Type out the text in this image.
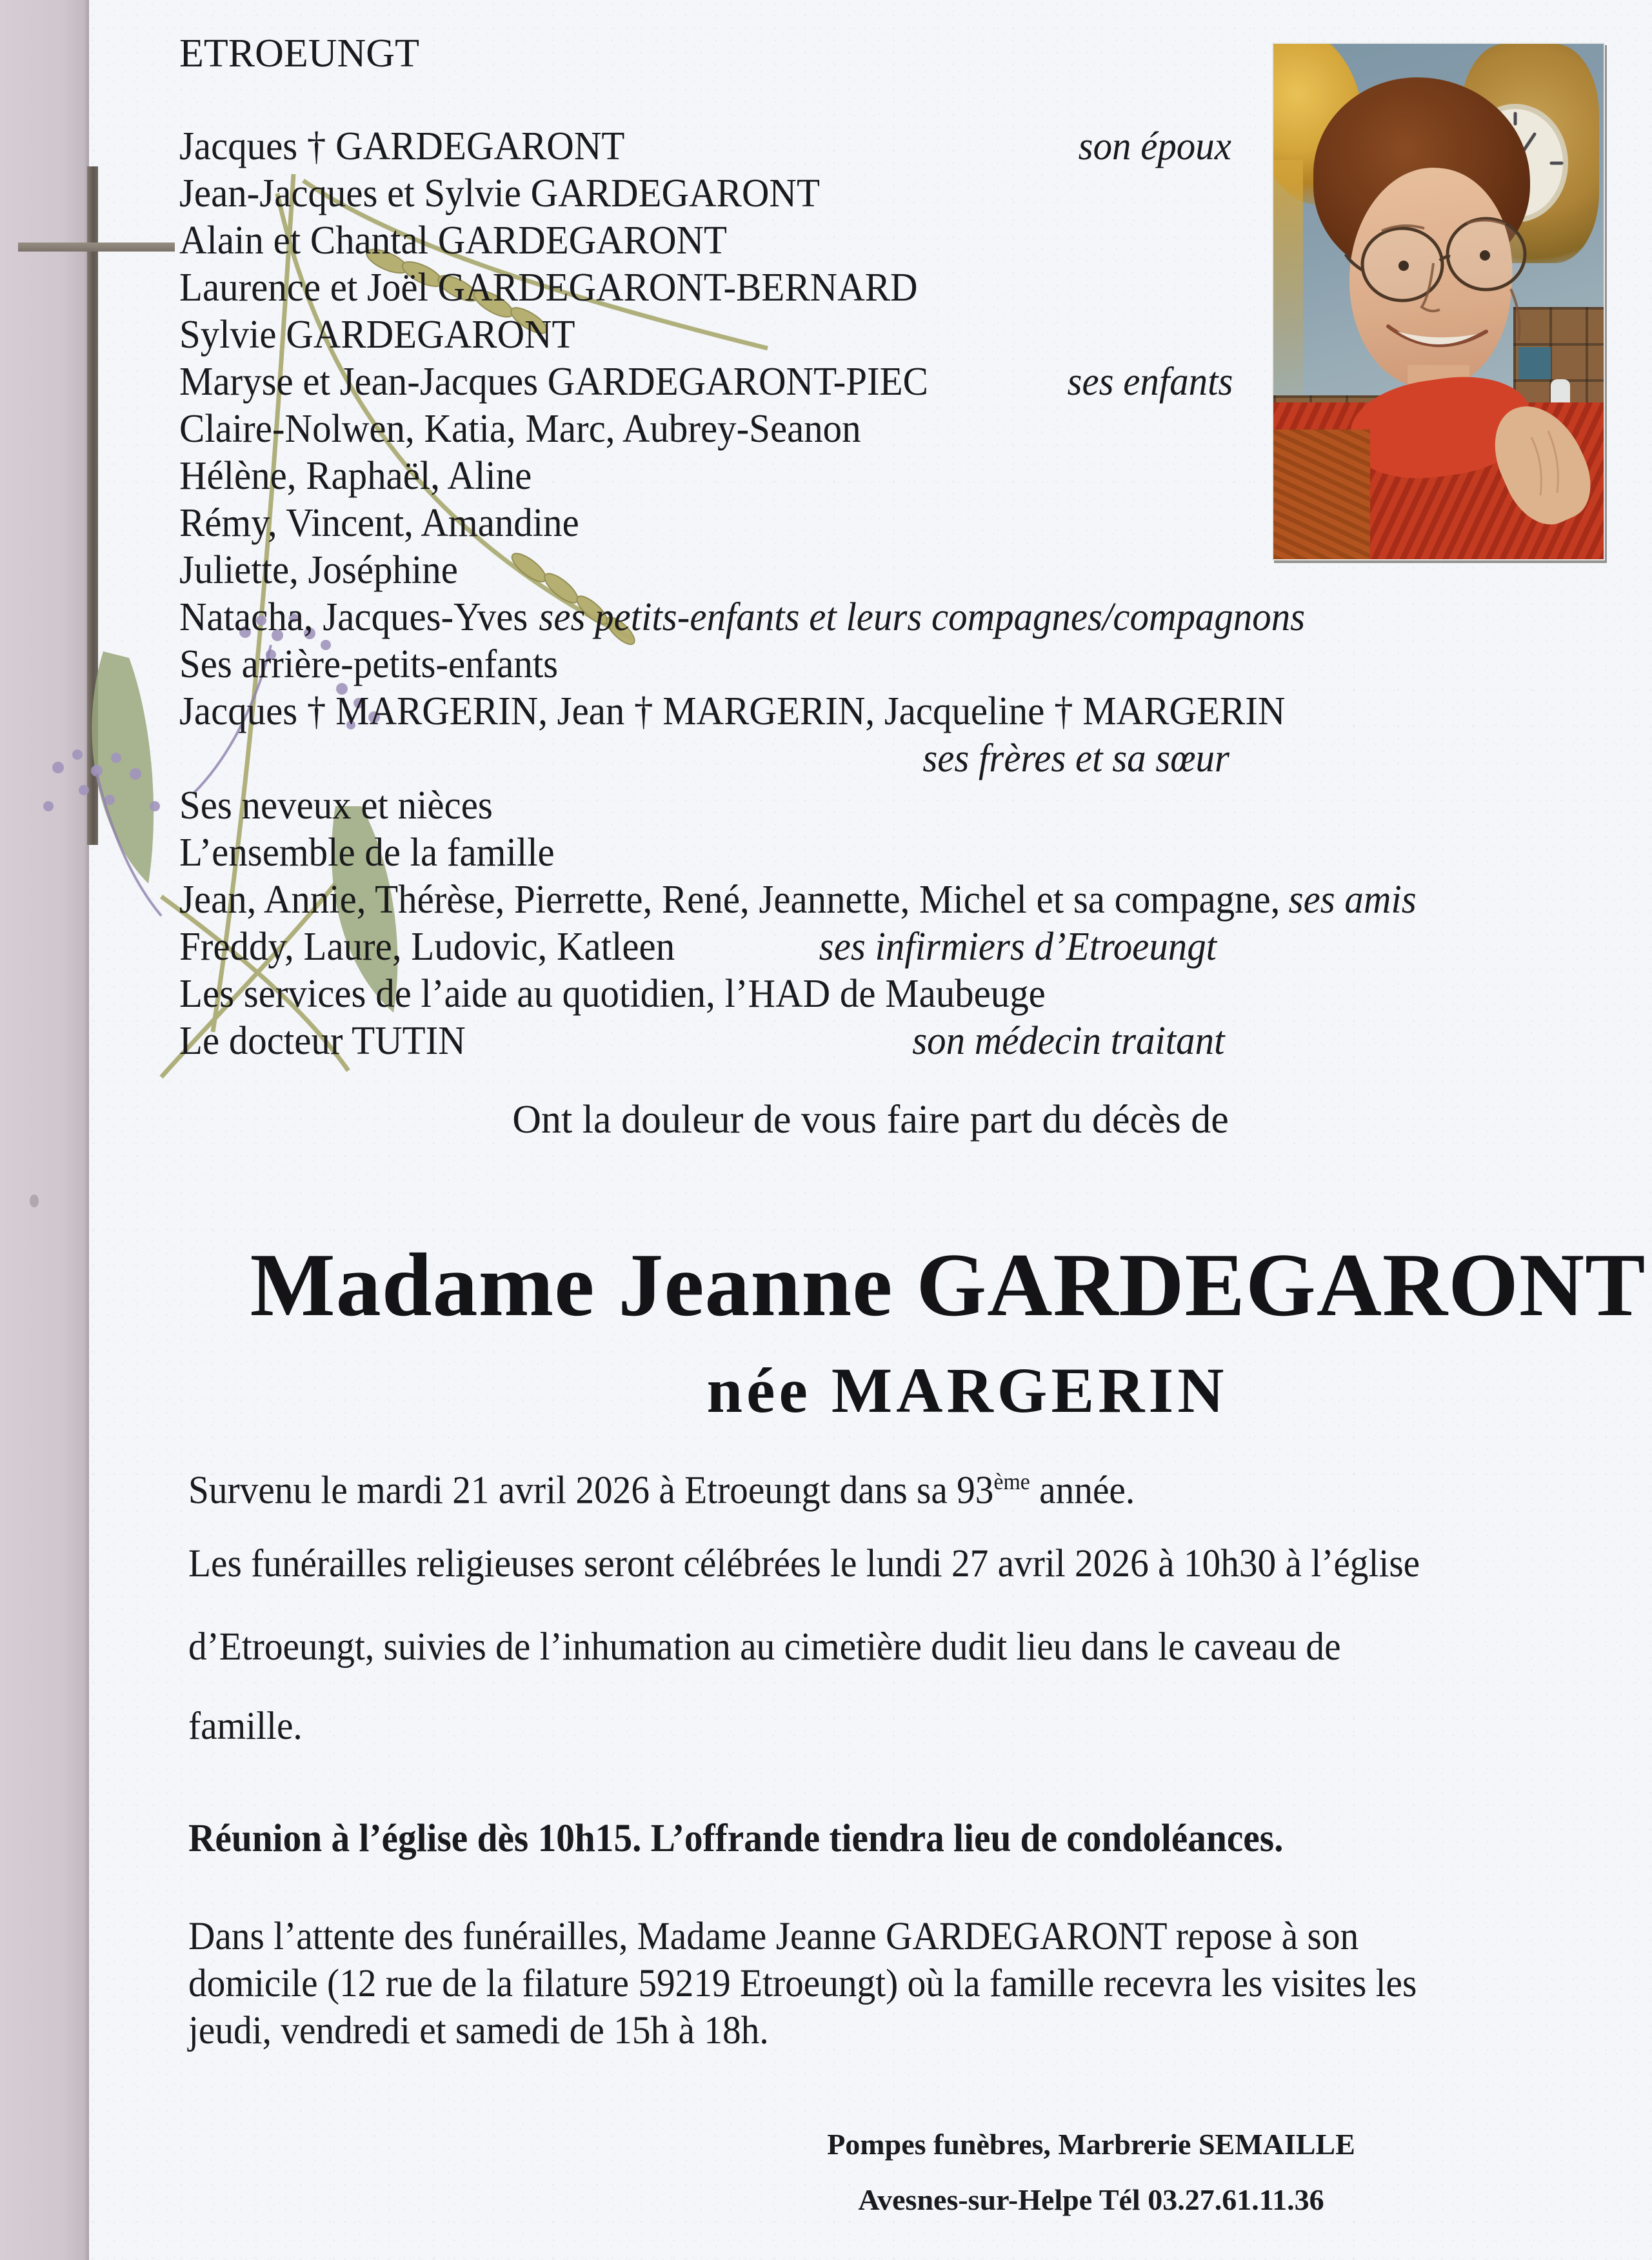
ETROEUNGT
Jacques † GARDEGARONT	son époux
Jean-Jacques et Sylvie GARDEGARONT
Alain et Chantal GARDEGARONT
Laurence et Joël GARDEGARONT-BERNARD
Sylvie GARDEGARONT
Maryse et Jean-Jacques GARDEGARONT-PIEC	ses enfants
Claire-Nolwen, Katia, Marc, Aubrey-Seanon
Hélène, Raphaël, Aline
Rémy, Vincent, Amandine
Juliette, Joséphine
Natacha, Jacques-Yves ses petits-enfants et leurs compagnes/compagnons
Ses arrière-petits-enfants
Jacques † MARGERIN, Jean † MARGERIN, Jacqueline † MARGERIN
ses frères et sa sœur
Ses neveux et nièces
L’ensemble de la famille
Jean, Annie, Thérèse, Pierrette, René, Jeannette, Michel et sa compagne, ses amis
Freddy, Laure, Ludovic, Katleen	ses infirmiers d’Etroeungt
Les services de l’aide au quotidien, l’HAD de Maubeuge
Le docteur TUTIN	son médecin traitant
Ont la douleur de vous faire part du décès de
Madame Jeanne GARDEGARONT
née MARGERIN
Survenu le mardi 21 avril 2026 à Etroeungt dans sa 93ème année.
Les funérailles religieuses seront célébrées le lundi 27 avril 2026 à 10h30 à l’église
d’Etroeungt, suivies de l’inhumation au cimetière dudit lieu dans le caveau de
famille.
Réunion à l’église dès 10h15. L’offrande tiendra lieu de condoléances.
Dans l’attente des funérailles, Madame Jeanne GARDEGARONT repose à son
domicile (12 rue de la filature 59219 Etroeungt) où la famille recevra les visites les
jeudi, vendredi et samedi de 15h à 18h.
Pompes funèbres, Marbrerie SEMAILLE
Avesnes-sur-Helpe Tél 03.27.61.11.36
